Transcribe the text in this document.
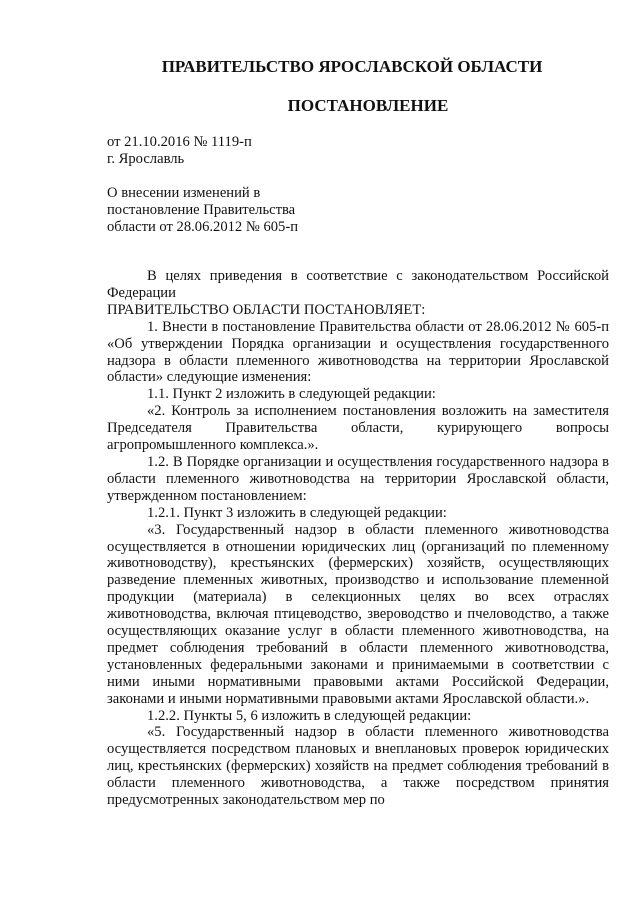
ПРАВИТЕЛЬСТВО ЯРОСЛАВСКОЙ ОБЛАСТИ
ПОСТАНОВЛЕНИЕ
от 21.10.2016 № 1119-п
г. Ярославль
О внесении изменений в
постановление Правительства
области от 28.06.2012 № 605-п

В целях приведения в соответствие с законодательством Российской Федерации

ПРАВИТЕЛЬСТВО ОБЛАСТИ ПОСТАНОВЛЯЕТ:

1. Внести в постановление Правительства области от 28.06.2012 № 605-п «Об утверждении Порядка организации и осуществления государственного надзора в области племенного животноводства на территории Ярославской области» следующие изменения:

1.1. Пункт 2 изложить в следующей редакции:

«2. Контроль за исполнением постановления возложить на заместителя Председателя Правительства области, курирующего вопросы агропромышленного комплекса.».

1.2. В Порядке организации и осуществления государственного надзора в области племенного животноводства на территории Ярославской области, утвержденном постановлением:

1.2.1. Пункт 3 изложить в следующей редакции:

«3. Государственный надзор в области племенного животноводства осуществляется в отношении юридических лиц (организаций по племенному животноводству), крестьянских (фермерских) хозяйств, осуществляющих разведение племенных животных, производство и использование племенной продукции (материала) в селекционных целях во всех отраслях животноводства, включая птицеводство, звероводство и пчеловодство, а также осуществляющих оказание услуг в области племенного животноводства, на предмет соблюдения требований в области племенного животноводства, установленных федеральными законами и принимаемыми в соответствии с ними иными нормативными правовыми актами Российской Федерации, законами и иными нормативными правовыми актами Ярославской области.».

1.2.2. Пункты 5, 6 изложить в следующей редакции:

«5. Государственный надзор в области племенного животноводства осуществляется посредством плановых и внеплановых проверок юридических лиц, крестьянских (фермерских) хозяйств на предмет соблюдения требований в области племенного животноводства, а также посредством принятия предусмотренных законодательством мер по
